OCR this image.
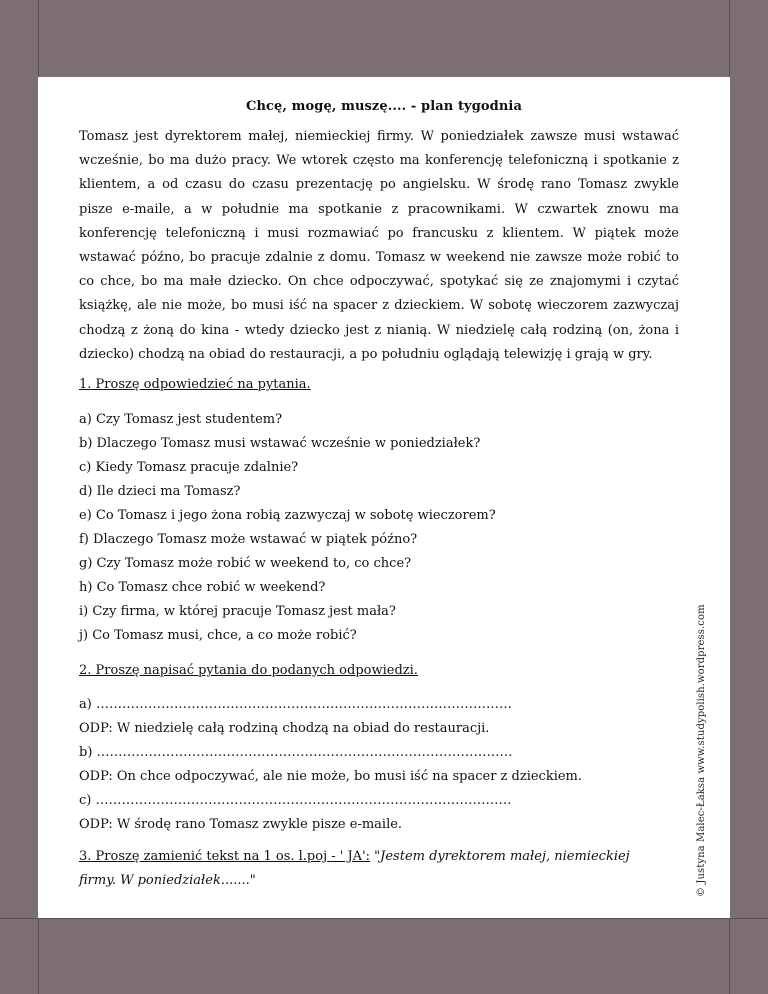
Chcę, mogę, muszę.... - plan tygodnia
Tomasz jest dyrektorem małej, niemieckiej firmy. W poniedziałek zawsze musi wstawać wcześnie, bo ma dużo pracy. We wtorek często ma konferencję telefoniczną i spotkanie z klientem, a od czasu do czasu prezentację po angielsku. W środę rano Tomasz zwykle pisze e-maile, a w południe ma spotkanie z pracownikami. W czwartek znowu ma konferencję telefoniczną i musi rozmawiać po francusku z klientem. W piątek może wstawać późno, bo pracuje zdalnie z domu. Tomasz w weekend nie zawsze może robić to co chce, bo ma małe dziecko. On chce odpoczywać, spotykać się ze znajomymi i czytać książkę, ale nie może, bo musi iść na spacer z dzieckiem. W sobotę wieczorem zazwyczaj chodzą z żoną do kina - wtedy dziecko jest z nianią. W niedzielę całą rodziną (on, żona i dziecko) chodzą na obiad do restauracji, a po południu oglądają telewizję i grają w gry.
1. Proszę odpowiedzieć na pytania.
a) Czy Tomasz jest studentem?
b) Dlaczego Tomasz musi wstawać wcześnie w poniedziałek?
c) Kiedy Tomasz pracuje zdalnie?
d) Ile dzieci ma Tomasz?
e) Co Tomasz i jego żona robią zazwyczaj w sobotę wieczorem?
f) Dlaczego Tomasz może wstawać w piątek późno?
g) Czy Tomasz może robić w weekend to, co chce?
h) Co Tomasz chce robić w weekend?
i) Czy firma, w której pracuje Tomasz jest mała?
j) Co Tomasz musi, chce, a co może robić?
2. Proszę napisać pytania do podanych odpowiedzi.
a) ……………………………………………………………………………………
ODP: W niedzielę całą rodziną chodzą na obiad do restauracji.
b) ……………………………………………………………………………………
ODP: On chce odpoczywać, ale nie może, bo musi iść na spacer z dzieckiem.
c) ……………………………………………………………………………………
ODP: W środę rano Tomasz zwykle pisze e-maile.
3. Proszę zamienić tekst na 1 os. l.poj - ' JA': "Jestem dyrektorem małej, niemieckiej
firmy. W poniedziałek......."	© Justyna Malec-Łaksa www.studypolish.wordpress.com
